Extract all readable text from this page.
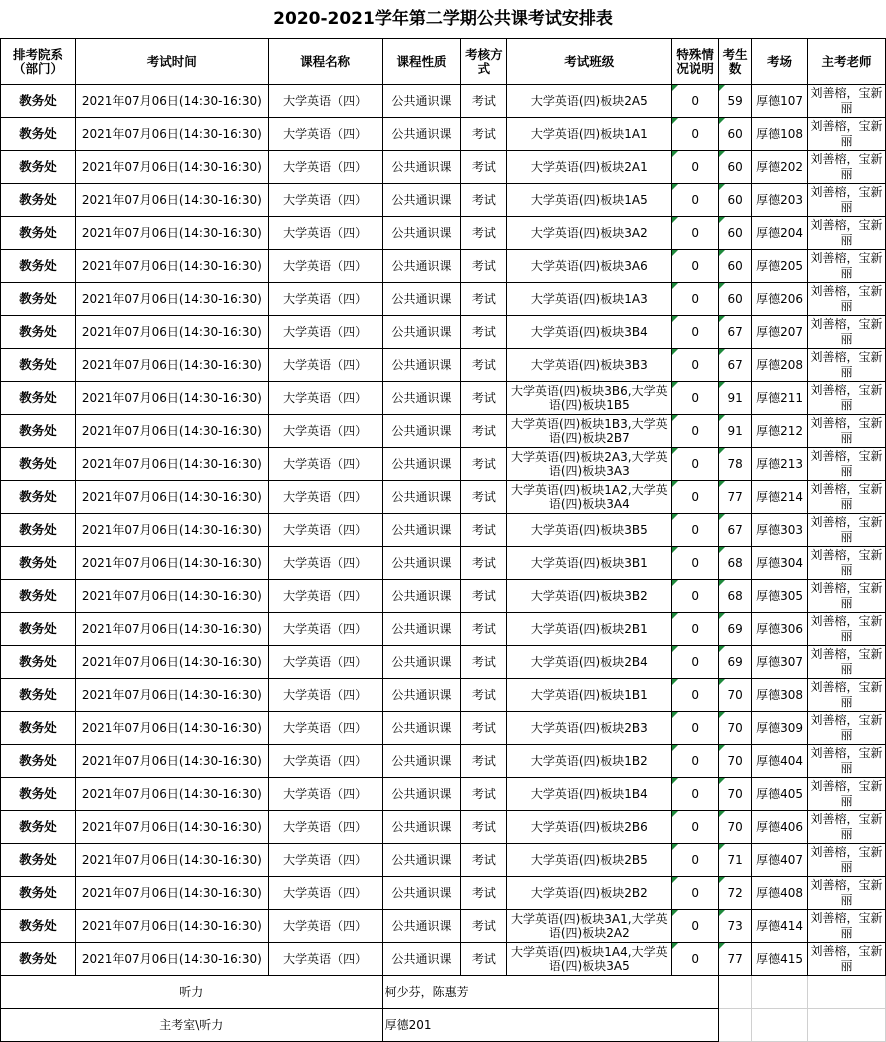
2020-2021学年第二学期公共课考试安排表
排考院系（部门）	考试时间	课程名称	课程性质	考核方式	考试班级	特殊情况说明	考生数	考场	主考老师
教务处	2021年07月06日(14:30-16:30)	大学英语（四）	公共通识课	考试	大学英语(四)板块2A5	0	59	厚德107	刘善榕，宝新丽
教务处	2021年07月06日(14:30-16:30)	大学英语（四）	公共通识课	考试	大学英语(四)板块1A1	0	60	厚德108	刘善榕，宝新丽
教务处	2021年07月06日(14:30-16:30)	大学英语（四）	公共通识课	考试	大学英语(四)板块2A1	0	60	厚德202	刘善榕，宝新丽
教务处	2021年07月06日(14:30-16:30)	大学英语（四）	公共通识课	考试	大学英语(四)板块1A5	0	60	厚德203	刘善榕，宝新丽
教务处	2021年07月06日(14:30-16:30)	大学英语（四）	公共通识课	考试	大学英语(四)板块3A2	0	60	厚德204	刘善榕，宝新丽
教务处	2021年07月06日(14:30-16:30)	大学英语（四）	公共通识课	考试	大学英语(四)板块3A6	0	60	厚德205	刘善榕，宝新丽
教务处	2021年07月06日(14:30-16:30)	大学英语（四）	公共通识课	考试	大学英语(四)板块1A3	0	60	厚德206	刘善榕，宝新丽
教务处	2021年07月06日(14:30-16:30)	大学英语（四）	公共通识课	考试	大学英语(四)板块3B4	0	67	厚德207	刘善榕，宝新丽
教务处	2021年07月06日(14:30-16:30)	大学英语（四）	公共通识课	考试	大学英语(四)板块3B3	0	67	厚德208	刘善榕，宝新丽
教务处	2021年07月06日(14:30-16:30)	大学英语（四）	公共通识课	考试	大学英语(四)板块3B6,大学英语(四)板块1B5	0	91	厚德211	刘善榕，宝新丽
教务处	2021年07月06日(14:30-16:30)	大学英语（四）	公共通识课	考试	大学英语(四)板块1B3,大学英语(四)板块2B7	0	91	厚德212	刘善榕，宝新丽
教务处	2021年07月06日(14:30-16:30)	大学英语（四）	公共通识课	考试	大学英语(四)板块2A3,大学英语(四)板块3A3	0	78	厚德213	刘善榕，宝新丽
教务处	2021年07月06日(14:30-16:30)	大学英语（四）	公共通识课	考试	大学英语(四)板块1A2,大学英语(四)板块3A4	0	77	厚德214	刘善榕，宝新丽
教务处	2021年07月06日(14:30-16:30)	大学英语（四）	公共通识课	考试	大学英语(四)板块3B5	0	67	厚德303	刘善榕，宝新丽
教务处	2021年07月06日(14:30-16:30)	大学英语（四）	公共通识课	考试	大学英语(四)板块3B1	0	68	厚德304	刘善榕，宝新丽
教务处	2021年07月06日(14:30-16:30)	大学英语（四）	公共通识课	考试	大学英语(四)板块3B2	0	68	厚德305	刘善榕，宝新丽
教务处	2021年07月06日(14:30-16:30)	大学英语（四）	公共通识课	考试	大学英语(四)板块2B1	0	69	厚德306	刘善榕，宝新丽
教务处	2021年07月06日(14:30-16:30)	大学英语（四）	公共通识课	考试	大学英语(四)板块2B4	0	69	厚德307	刘善榕，宝新丽
教务处	2021年07月06日(14:30-16:30)	大学英语（四）	公共通识课	考试	大学英语(四)板块1B1	0	70	厚德308	刘善榕，宝新丽
教务处	2021年07月06日(14:30-16:30)	大学英语（四）	公共通识课	考试	大学英语(四)板块2B3	0	70	厚德309	刘善榕，宝新丽
教务处	2021年07月06日(14:30-16:30)	大学英语（四）	公共通识课	考试	大学英语(四)板块1B2	0	70	厚德404	刘善榕，宝新丽
教务处	2021年07月06日(14:30-16:30)	大学英语（四）	公共通识课	考试	大学英语(四)板块1B4	0	70	厚德405	刘善榕，宝新丽
教务处	2021年07月06日(14:30-16:30)	大学英语（四）	公共通识课	考试	大学英语(四)板块2B6	0	70	厚德406	刘善榕，宝新丽
教务处	2021年07月06日(14:30-16:30)	大学英语（四）	公共通识课	考试	大学英语(四)板块2B5	0	71	厚德407	刘善榕，宝新丽
教务处	2021年07月06日(14:30-16:30)	大学英语（四）	公共通识课	考试	大学英语(四)板块2B2	0	72	厚德408	刘善榕，宝新丽
教务处	2021年07月06日(14:30-16:30)	大学英语（四）	公共通识课	考试	大学英语(四)板块3A1,大学英语(四)板块2A2	0	73	厚德414	刘善榕，宝新丽
教务处	2021年07月06日(14:30-16:30)	大学英语（四）	公共通识课	考试	大学英语(四)板块1A4,大学英语(四)板块3A5	0	77	厚德415	刘善榕，宝新丽
听力			柯少芬，陈惠芳						
主考室\听力			厚德201						
